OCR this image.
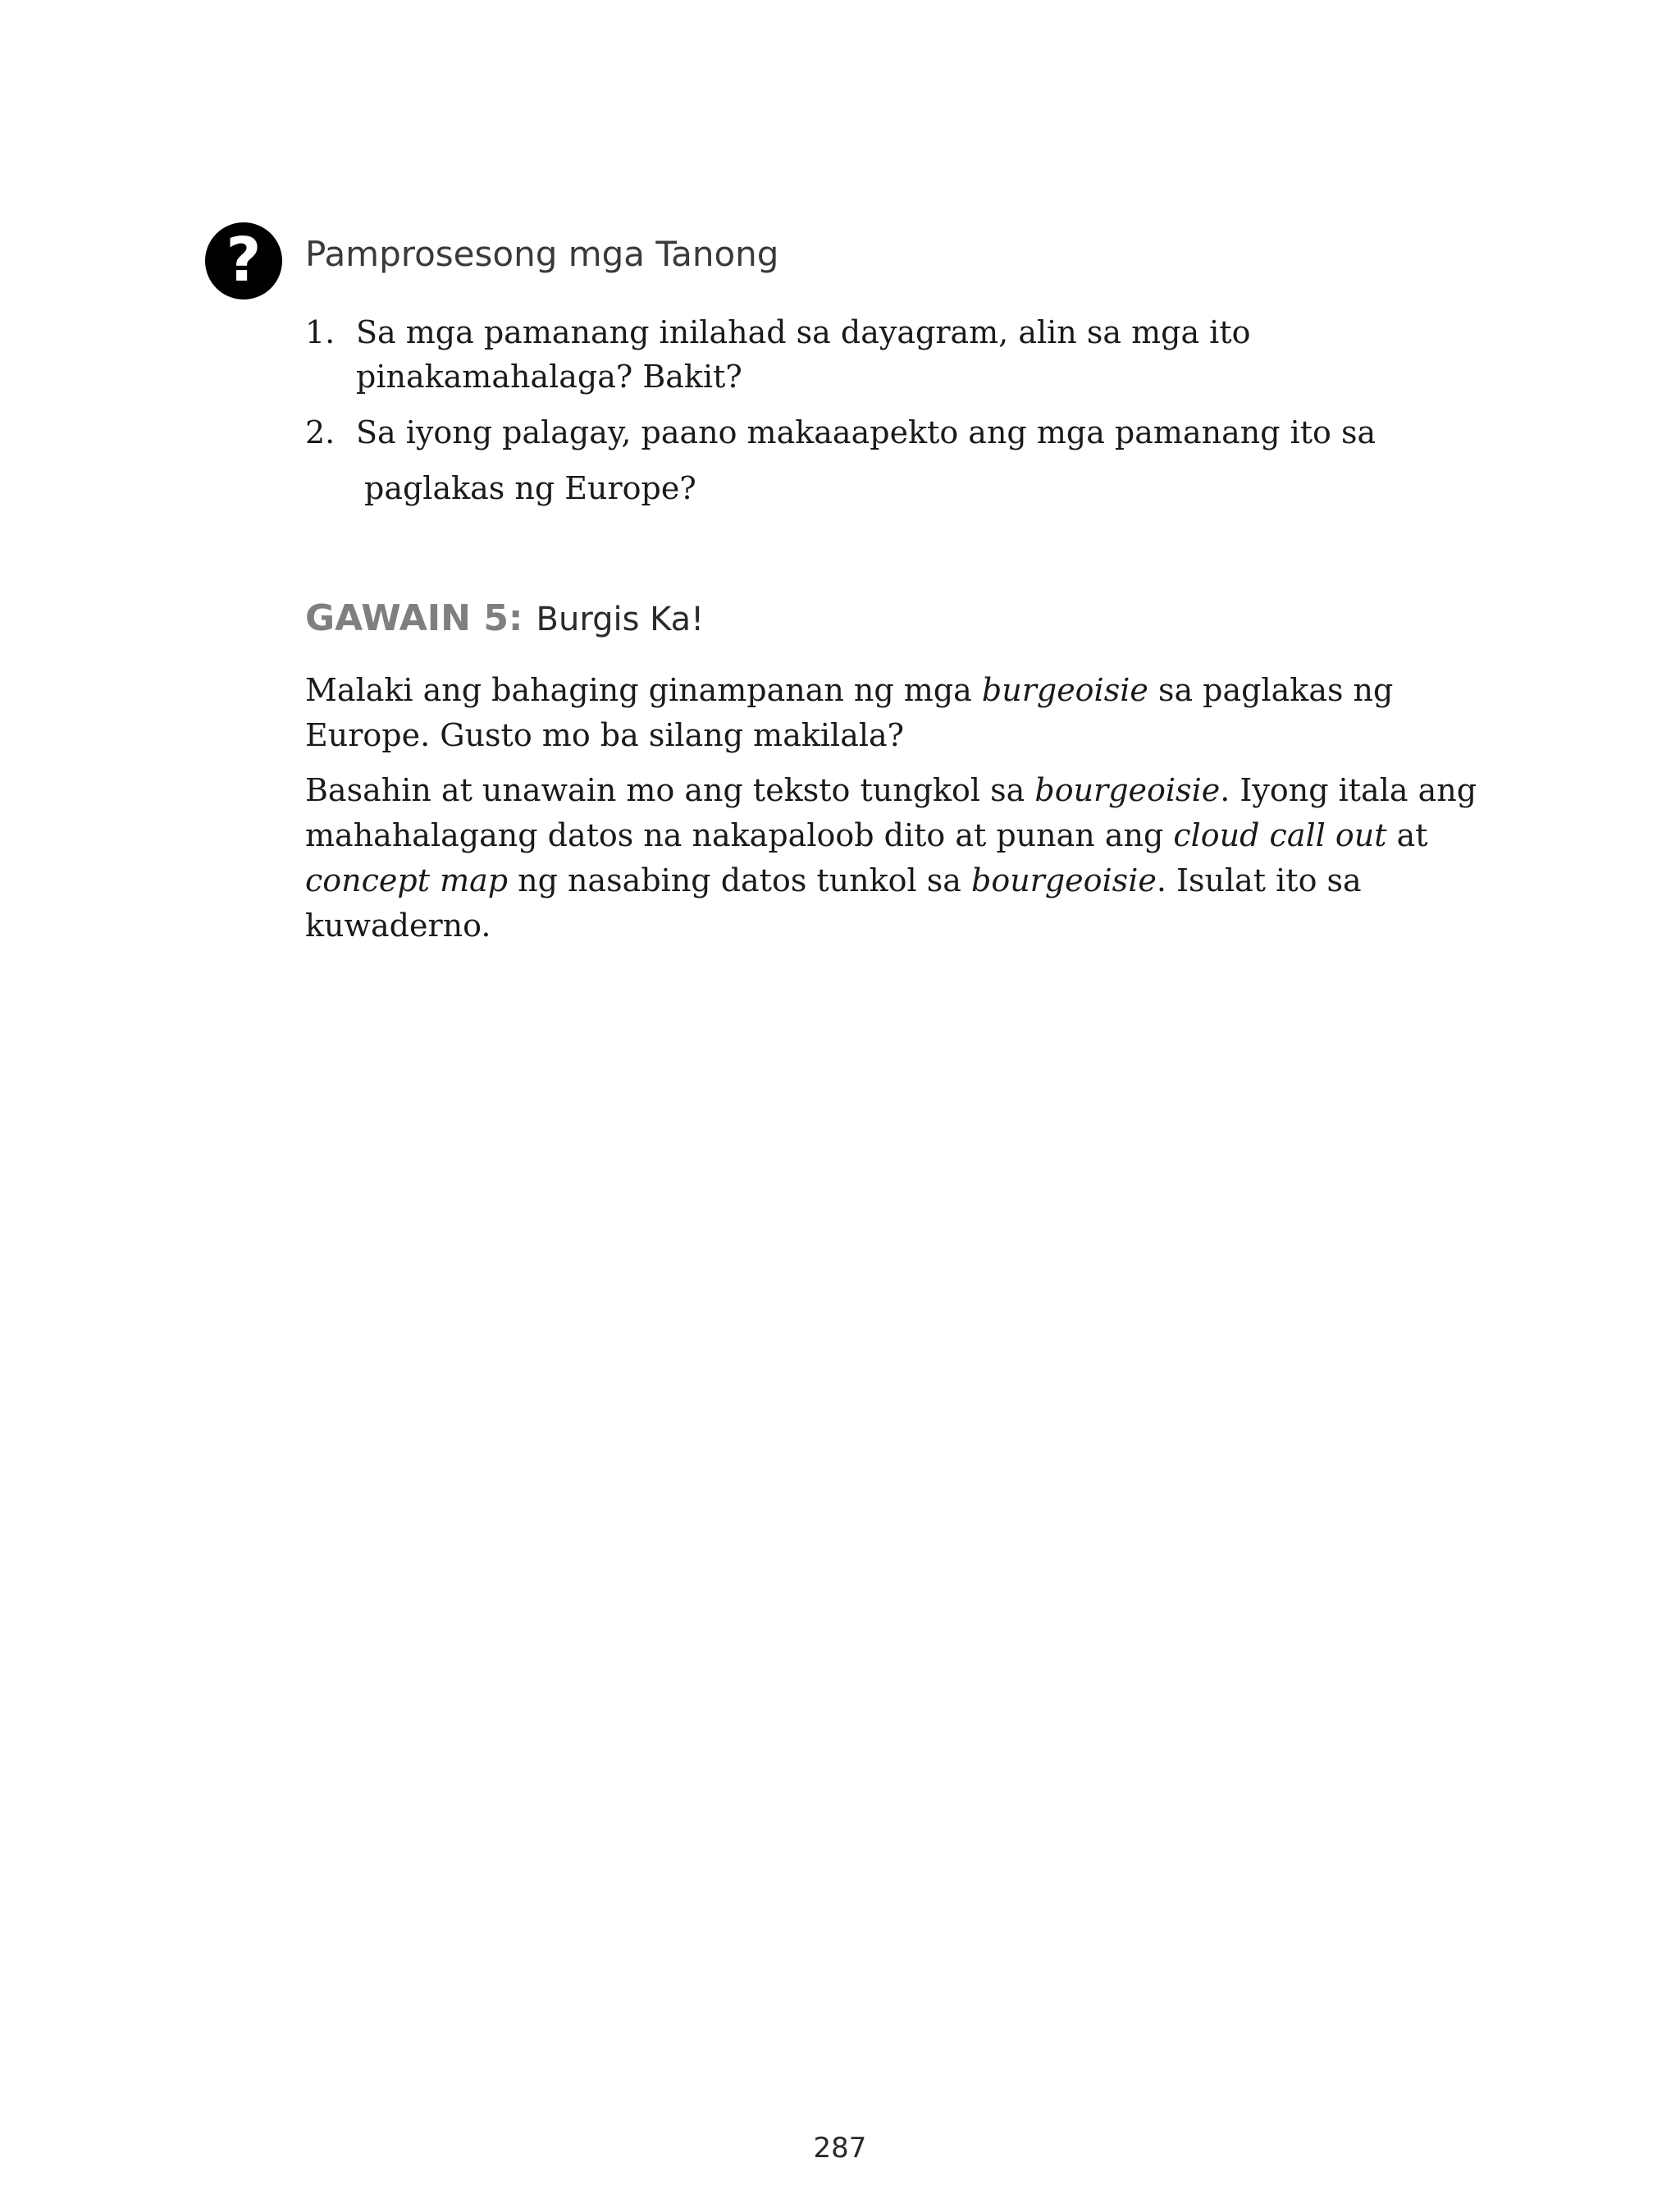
? Pamprosesong mga Tanong
1. Sa mga pamanang inilahad sa dayagram, alin sa mga ito pinakamahalaga? Bakit?
2. Sa iyong palagay, paano makaaapekto ang mga pamanang ito sa
paglakas ng Europe?
GAWAIN 5: Burgis Ka!

Malaki ang bahaging ginampanan ng mga burgeoisie sa paglakas ng Europe. Gusto mo ba silang makilala?

Basahin at unawain mo ang teksto tungkol sa bourgeoisie. Iyong itala ang mahahalagang datos na nakapaloob dito at punan ang cloud call out at concept map ng nasabing datos tunkol sa bourgeoisie. Isulat ito sa kuwaderno.

287
